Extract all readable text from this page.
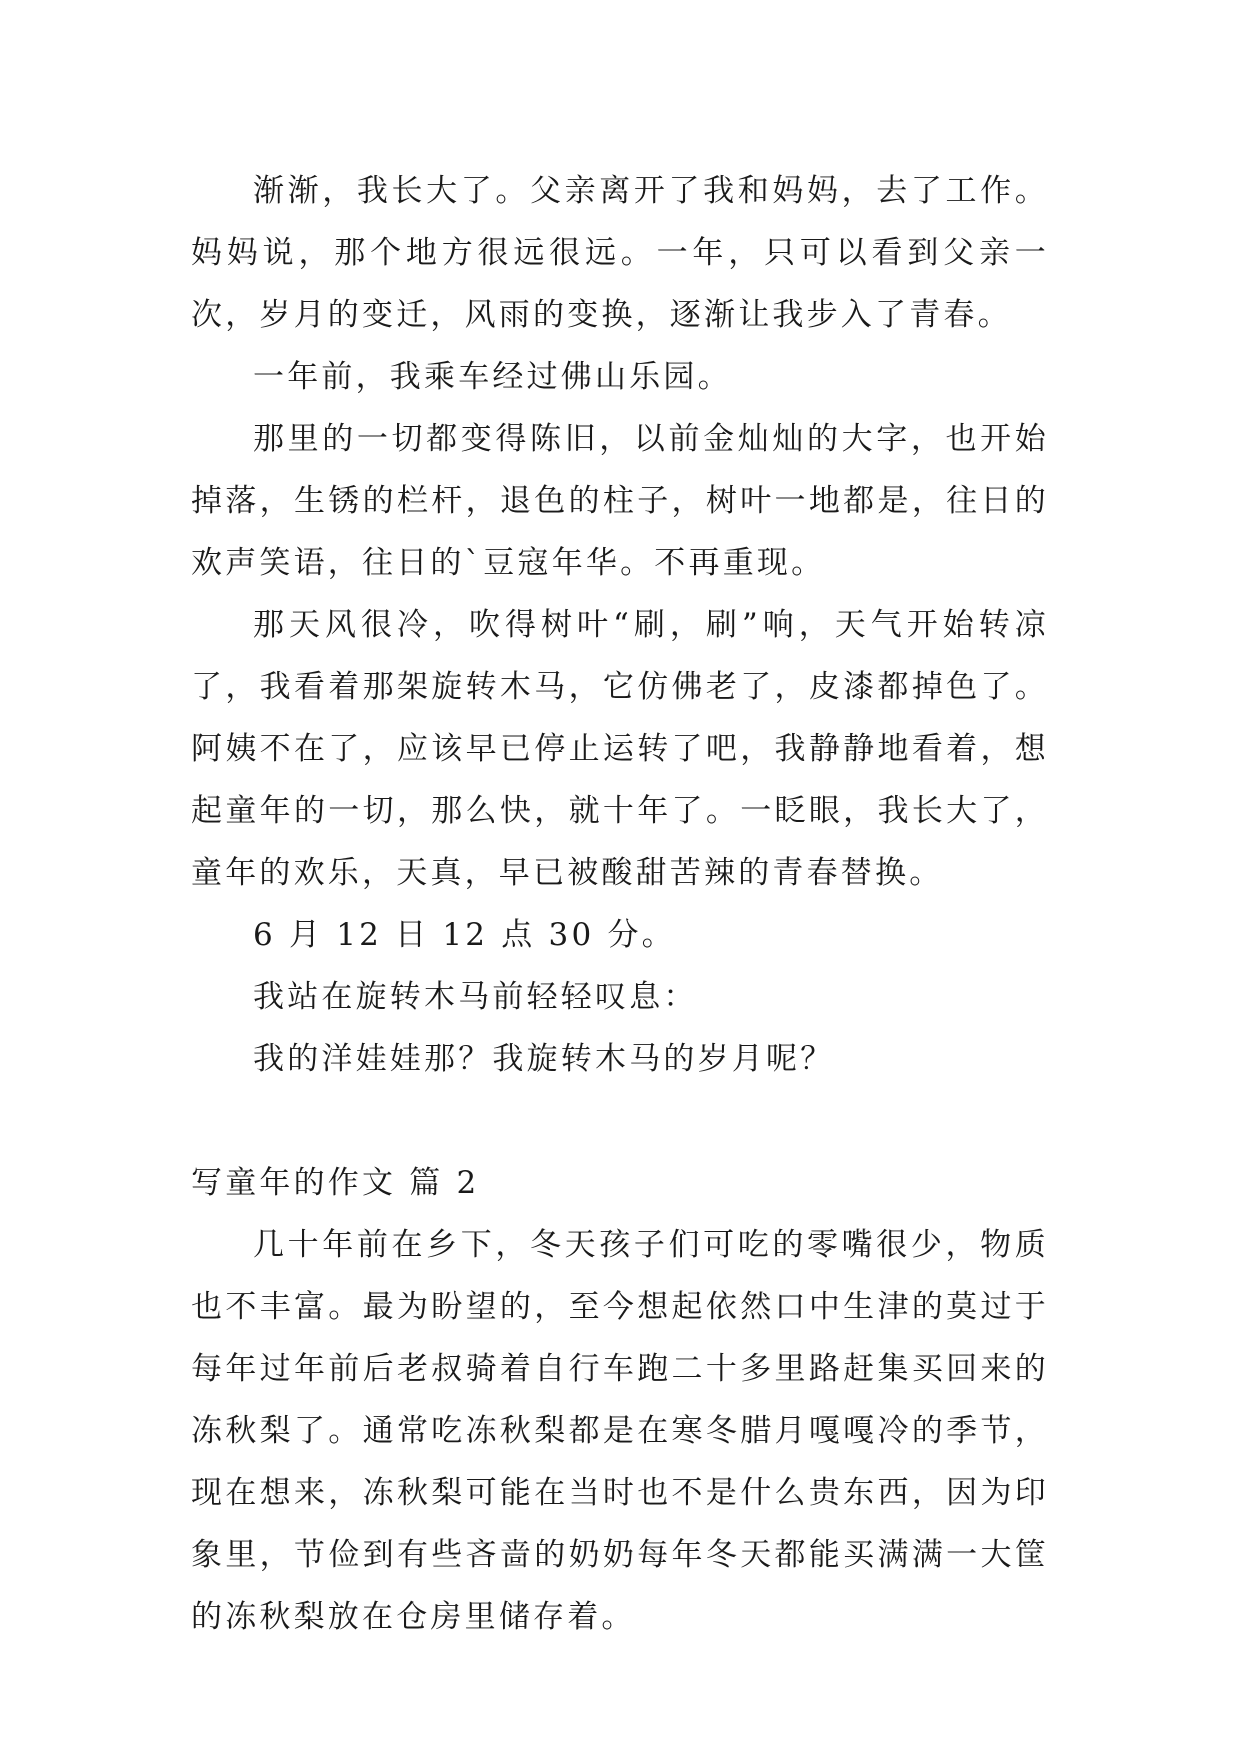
渐渐，我长大了。父亲离开了我和妈妈，去了工作。妈妈说，那个地方很远很远。一年，只可以看到父亲一次，岁月的变迁，风雨的变换，逐渐让我步入了青春。

一年前，我乘车经过佛山乐园。

那里的一切都变得陈旧，以前金灿灿的大字，也开始掉落，生锈的栏杆，退色的柱子，树叶一地都是，往日的欢声笑语，往日的`豆寇年华。不再重现。

那天风很冷，吹得树叶“刷，刷”响，天气开始转凉了，我看着那架旋转木马，它仿佛老了，皮漆都掉色了。阿姨不在了，应该早已停止运转了吧，我静静地看着，想起童年的一切，那么快，就十年了。一眨眼，我长大了，童年的欢乐，天真，早已被酸甜苦辣的青春替换。

6 月 12 日 12 点 30 分。

我站在旋转木马前轻轻叹息：

我的洋娃娃那？我旋转木马的岁月呢？

写童年的作文 篇 2

几十年前在乡下，冬天孩子们可吃的零嘴很少，物质也不丰富。最为盼望的，至今想起依然口中生津的莫过于每年过年前后老叔骑着自行车跑二十多里路赶集买回来的冻秋梨了。通常吃冻秋梨都是在寒冬腊月嘎嘎冷的季节，现在想来，冻秋梨可能在当时也不是什么贵东西，因为印象里，节俭到有些吝啬的奶奶每年冬天都能买满满一大筐的冻秋梨放在仓房里储存着。
